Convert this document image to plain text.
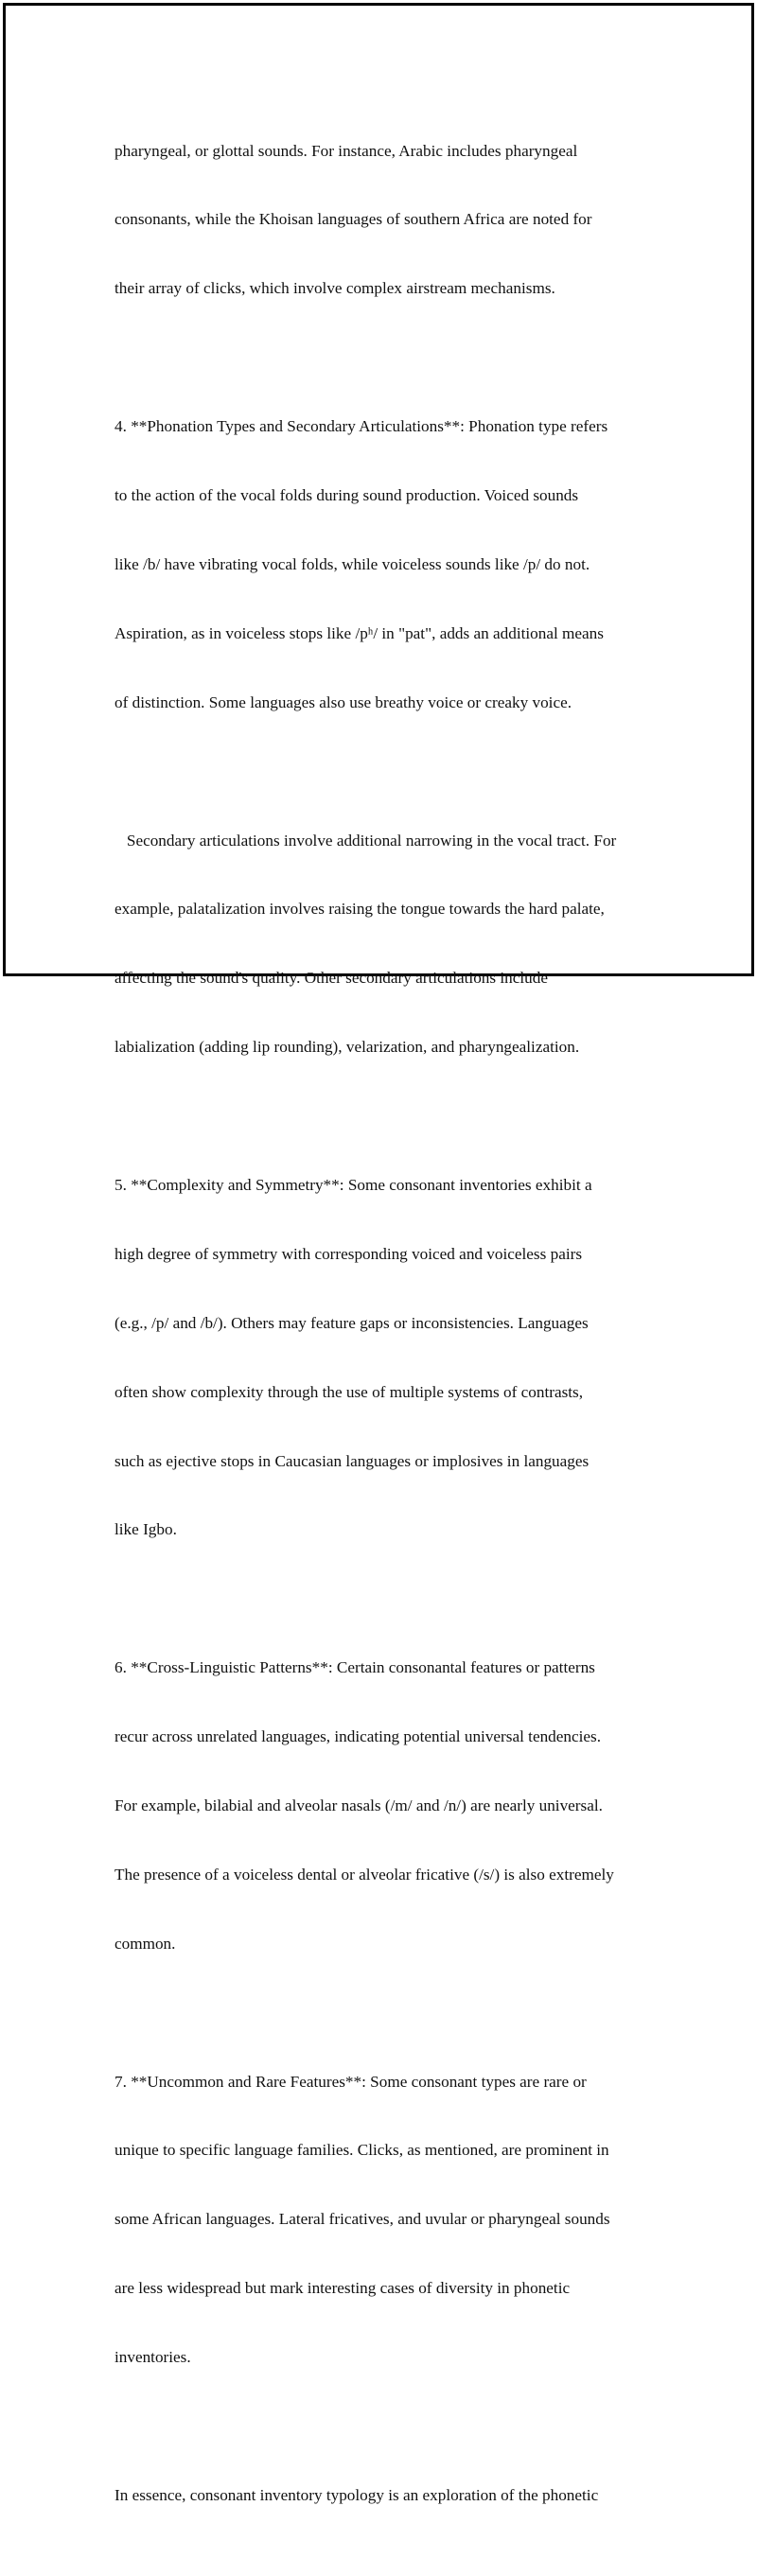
pharyngeal, or glottal sounds. For instance, Arabic includes pharyngeal

consonants, while the Khoisan languages of southern Africa are noted for

their array of clicks, which involve complex airstream mechanisms.

4. **Phonation Types and Secondary Articulations**: Phonation type refers

to the action of the vocal folds during sound production. Voiced sounds

like /b/ have vibrating vocal folds, while voiceless sounds like /p/ do not.

Aspiration, as in voiceless stops like /pʰ/ in "pat", adds an additional means

of distinction. Some languages also use breathy voice or creaky voice.

Secondary articulations involve additional narrowing in the vocal tract. For

example, palatalization involves raising the tongue towards the hard palate,

affecting the sound's quality. Other secondary articulations include

labialization (adding lip rounding), velarization, and pharyngealization.

5. **Complexity and Symmetry**: Some consonant inventories exhibit a

high degree of symmetry with corresponding voiced and voiceless pairs

(e.g., /p/ and /b/). Others may feature gaps or inconsistencies. Languages

often show complexity through the use of multiple systems of contrasts,

such as ejective stops in Caucasian languages or implosives in languages

like Igbo.

6. **Cross-Linguistic Patterns**: Certain consonantal features or patterns

recur across unrelated languages, indicating potential universal tendencies.

For example, bilabial and alveolar nasals (/m/ and /n/) are nearly universal.

The presence of a voiceless dental or alveolar fricative (/s/) is also extremely

common.

7. **Uncommon and Rare Features**: Some consonant types are rare or

unique to specific language families. Clicks, as mentioned, are prominent in

some African languages. Lateral fricatives, and uvular or pharyngeal sounds

are less widespread but mark interesting cases of diversity in phonetic

inventories.

In essence, consonant inventory typology is an exploration of the phonetic
